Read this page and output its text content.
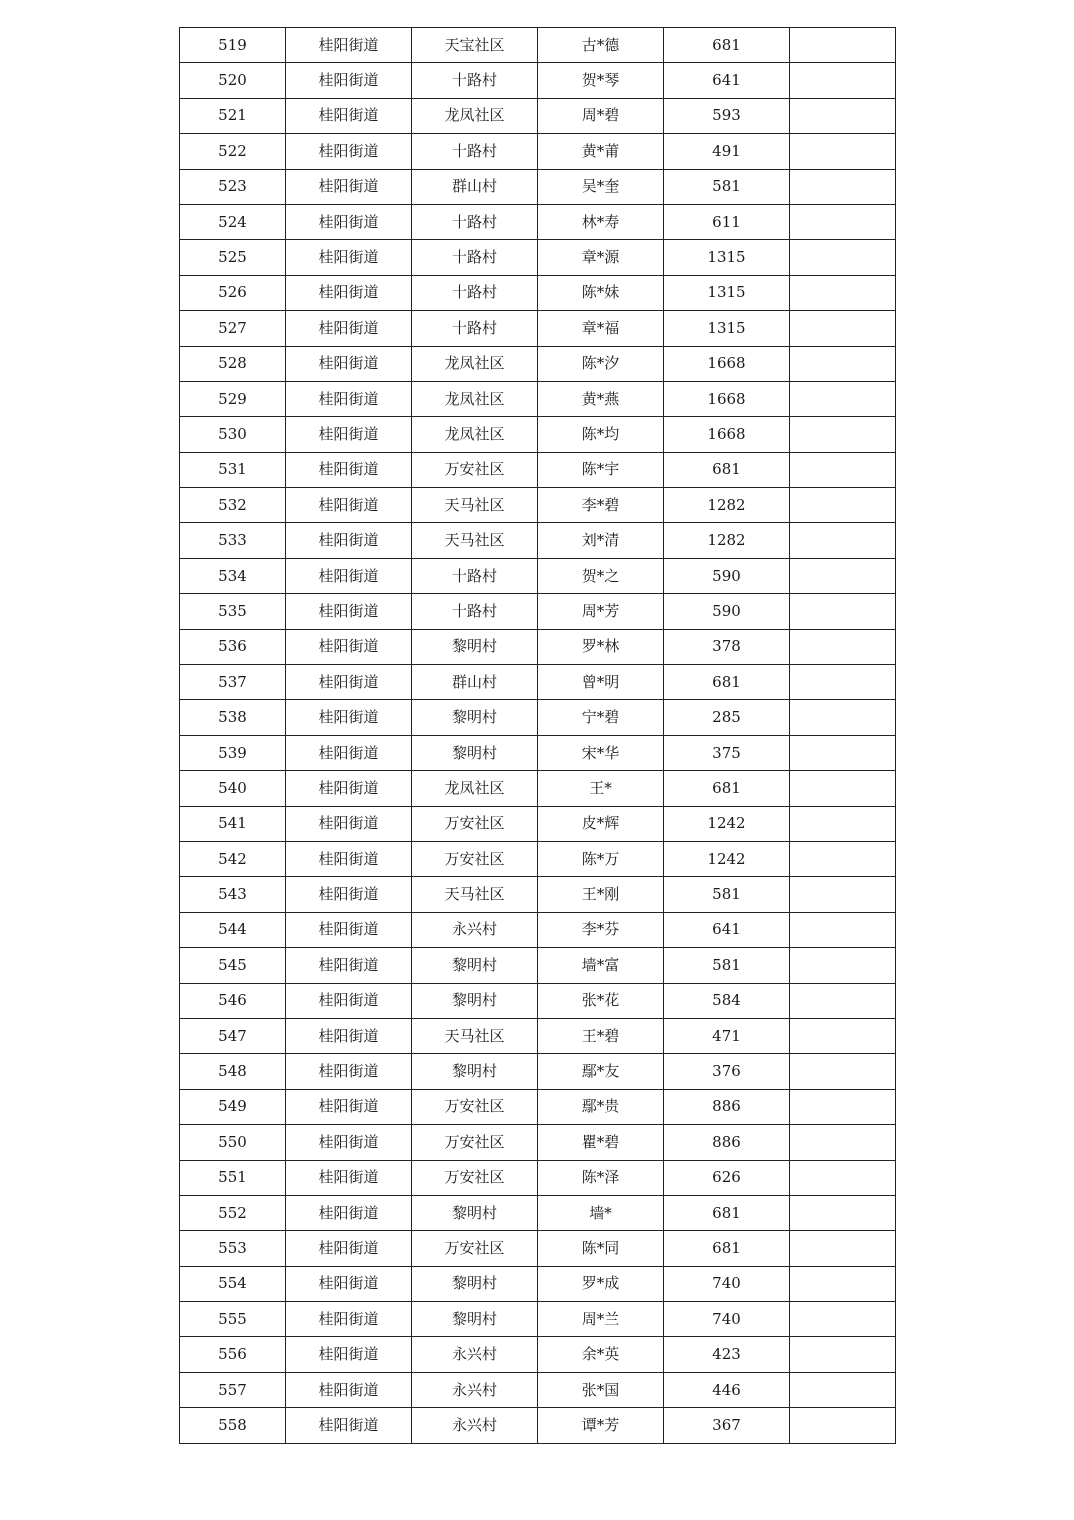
519	桂阳街道	天宝社区	古*德	681	
520	桂阳街道	十路村	贺*琴	641	
521	桂阳街道	龙凤社区	周*碧	593	
522	桂阳街道	十路村	黄*莆	491	
523	桂阳街道	群山村	吴*奎	581	
524	桂阳街道	十路村	林*寿	611	
525	桂阳街道	十路村	章*源	1315	
526	桂阳街道	十路村	陈*妹	1315	
527	桂阳街道	十路村	章*福	1315	
528	桂阳街道	龙凤社区	陈*汐	1668	
529	桂阳街道	龙凤社区	黄*燕	1668	
530	桂阳街道	龙凤社区	陈*均	1668	
531	桂阳街道	万安社区	陈*宇	681	
532	桂阳街道	天马社区	李*碧	1282	
533	桂阳街道	天马社区	刘*清	1282	
534	桂阳街道	十路村	贺*之	590	
535	桂阳街道	十路村	周*芳	590	
536	桂阳街道	黎明村	罗*林	378	
537	桂阳街道	群山村	曾*明	681	
538	桂阳街道	黎明村	宁*碧	285	
539	桂阳街道	黎明村	宋*华	375	
540	桂阳街道	龙凤社区	王*	681	
541	桂阳街道	万安社区	皮*辉	1242	
542	桂阳街道	万安社区	陈*万	1242	
543	桂阳街道	天马社区	王*刚	581	
544	桂阳街道	永兴村	李*芬	641	
545	桂阳街道	黎明村	墙*富	581	
546	桂阳街道	黎明村	张*花	584	
547	桂阳街道	天马社区	王*碧	471	
548	桂阳街道	黎明村	鄢*友	376	
549	桂阳街道	万安社区	鄢*贵	886	
550	桂阳街道	万安社区	瞿*碧	886	
551	桂阳街道	万安社区	陈*泽	626	
552	桂阳街道	黎明村	墙*	681	
553	桂阳街道	万安社区	陈*同	681	
554	桂阳街道	黎明村	罗*成	740	
555	桂阳街道	黎明村	周*兰	740	
556	桂阳街道	永兴村	余*英	423	
557	桂阳街道	永兴村	张*国	446	
558	桂阳街道	永兴村	谭*芳	367	
